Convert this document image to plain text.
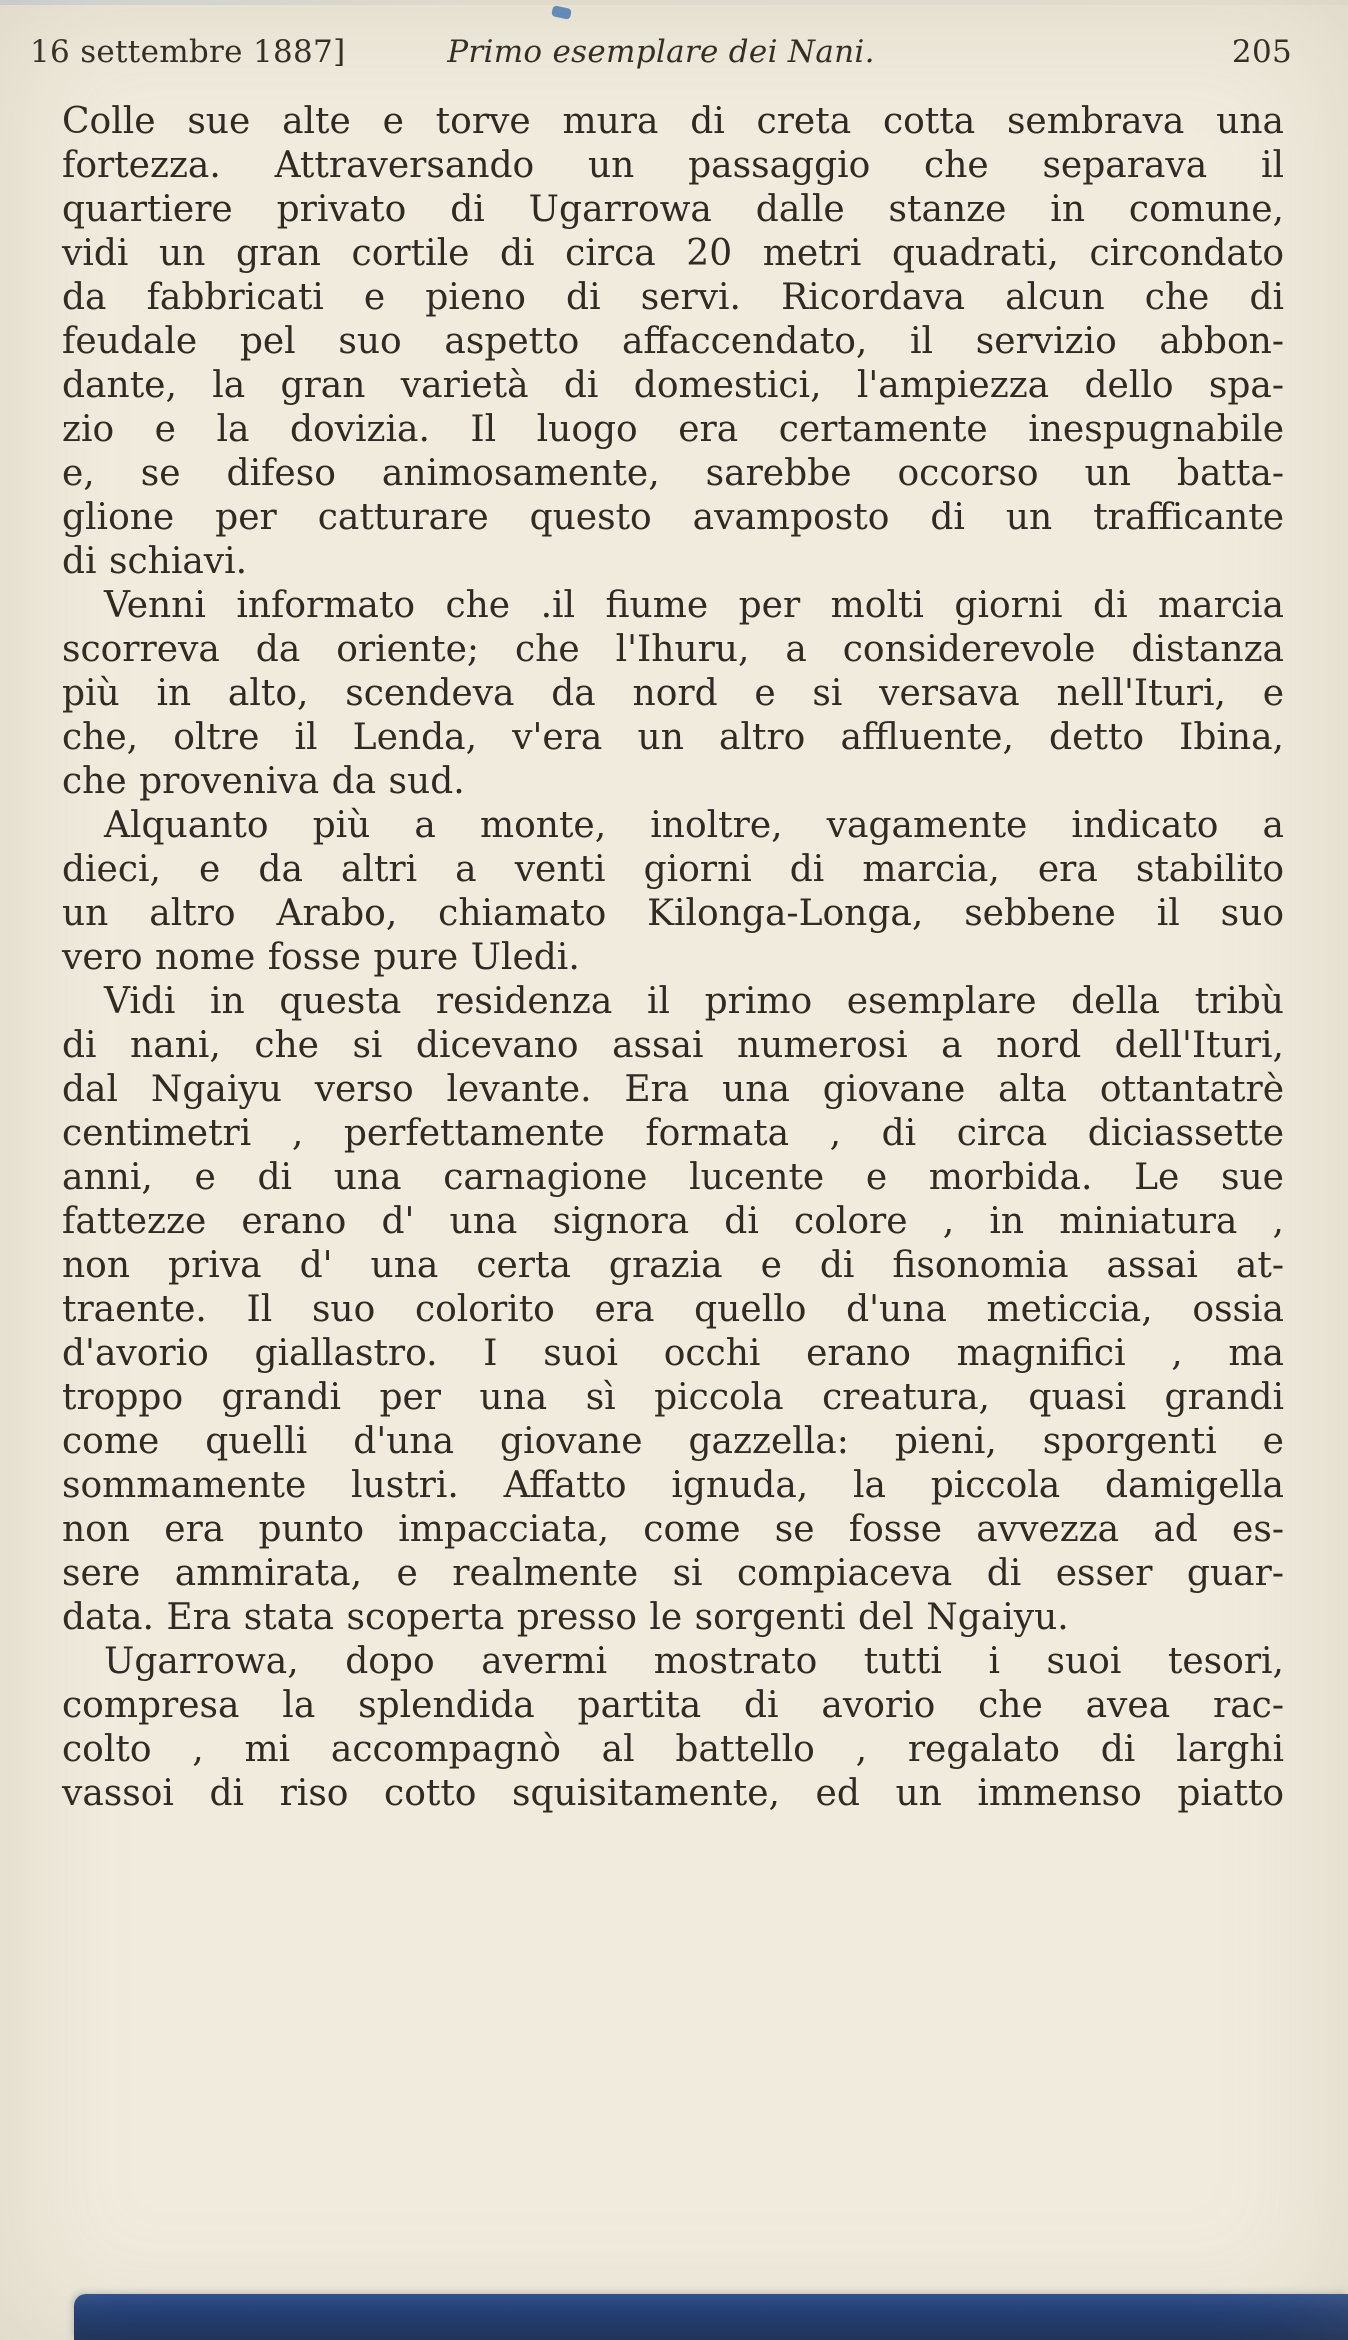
16 settembre 1887]	Primo esemplare dei Nani.	205
Colle sue alte e torve mura di creta cotta sembrava una
fortezza. Attraversando un passaggio che separava il
quartiere privato di Ugarrowa dalle stanze in comune,
vidi un gran cortile di circa 20 metri quadrati, circondato
da fabbricati e pieno di servi. Ricordava alcun che di
feudale pel suo aspetto affaccendato, il servizio abbon-
dante, la gran varietà di domestici, l'ampiezza dello spa-
zio e la dovizia. Il luogo era certamente inespugnabile
e, se difeso animosamente, sarebbe occorso un batta-
glione per catturare questo avamposto di un trafficante
di schiavi.
Venni informato che .il fiume per molti giorni di marcia
scorreva da oriente; che l'Ihuru, a considerevole distanza
più in alto, scendeva da nord e si versava nell'Ituri, e
che, oltre il Lenda, v'era un altro affluente, detto Ibina,
che proveniva da sud.
Alquanto più a monte, inoltre, vagamente indicato a
dieci, e da altri a venti giorni di marcia, era stabilito
un altro Arabo, chiamato Kilonga-Longa, sebbene il suo
vero nome fosse pure Uledi.
Vidi in questa residenza il primo esemplare della tribù
di nani, che si dicevano assai numerosi a nord dell'Ituri,
dal Ngaiyu verso levante. Era una giovane alta ottantatrè
centimetri , perfettamente formata , di circa diciassette
anni, e di una carnagione lucente e morbida. Le sue
fattezze erano d' una signora di colore , in miniatura ,
non priva d' una certa grazia e di fisonomia assai at-
traente. Il suo colorito era quello d'una meticcia, ossia
d'avorio giallastro. I suoi occhi erano magnifici , ma
troppo grandi per una sì piccola creatura, quasi grandi
come quelli d'una giovane gazzella: pieni, sporgenti e
sommamente lustri. Affatto ignuda, la piccola damigella
non era punto impacciata, come se fosse avvezza ad es-
sere ammirata, e realmente si compiaceva di esser guar-
data. Era stata scoperta presso le sorgenti del Ngaiyu.
Ugarrowa, dopo avermi mostrato tutti i suoi tesori,
compresa la splendida partita di avorio che avea rac-
colto , mi accompagnò al battello , regalato di larghi
vassoi di riso cotto squisitamente, ed un immenso piatto
